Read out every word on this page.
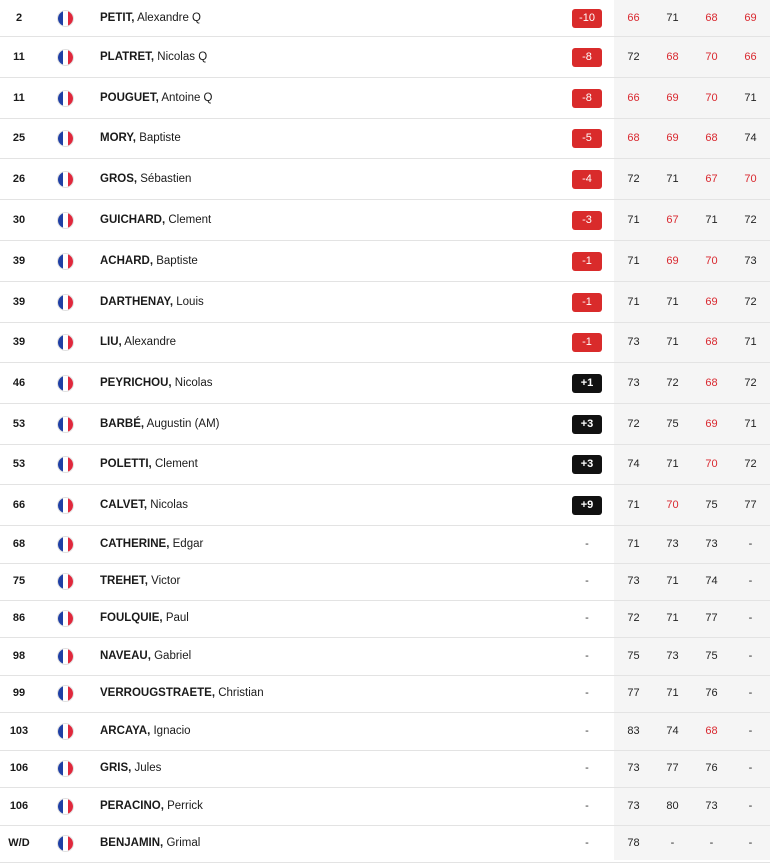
2	PETIT, Alexandre Q	-10	66	71	68	69
11	PLATRET, Nicolas Q	-8	72	68	70	66
11	POUGUET, Antoine Q	-8	66	69	70	71
25	MORY, Baptiste	-5	68	69	68	74
26	GROS, Sébastien	-4	72	71	67	70
30	GUICHARD, Clement	-3	71	67	71	72
39	ACHARD, Baptiste	-1	71	69	70	73
39	DARTHENAY, Louis	-1	71	71	69	72
39	LIU, Alexandre	-1	73	71	68	71
46	PEYRICHOU, Nicolas	+1	73	72	68	72
53	BARBÉ, Augustin (AM)	+3	72	75	69	71
53	POLETTI, Clement	+3	74	71	70	72
66	CALVET, Nicolas	+9	71	70	75	77
68	CATHERINE, Edgar	-	71	73	73	-
75	TREHET, Victor	-	73	71	74	-
86	FOULQUIE, Paul	-	72	71	77	-
98	NAVEAU, Gabriel	-	75	73	75	-
99	VERROUGSTRAETE, Christian	-	77	71	76	-
103	ARCAYA, Ignacio	-	83	74	68	-
106	GRIS, Jules	-	73	77	76	-
106	PERACINO, Perrick	-	73	80	73	-
W/D	BENJAMIN, Grimal	-	78	-	-	-
